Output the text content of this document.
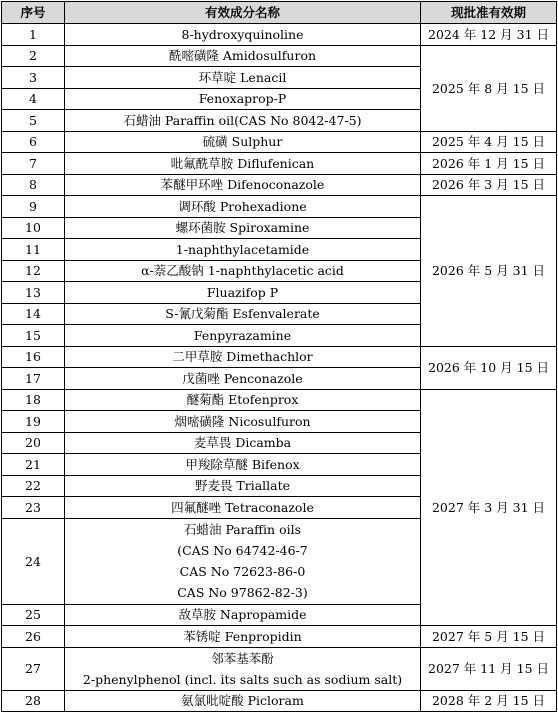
序号	有效成分名称	现批准有效期
1	8-hydroxyquinoline	2024 年 12 月 31 日
2	酰嘧磺隆 Amidosulfuron	2025 年 8 月 15 日
3	环草啶 Lenacil	
4	Fenoxaprop-P	
5	石蜡油 Paraffin oil(CAS No 8042-47-5)	
6	硫磺 Sulphur	2025 年 4 月 15 日
7	吡氟酰草胺 Diflufenican	2026 年 1 月 15 日
8	苯醚甲环唑 Difenoconazole	2026 年 3 月 15 日
9	调环酸 Prohexadione	2026 年 5 月 31 日
10	螺环菌胺 Spiroxamine	
11	1-naphthylacetamide	
12	α-萘乙酸钠 1-naphthylacetic acid	
13	Fluazifop P	
14	S-氰戊菊酯 Esfenvalerate	
15	Fenpyrazamine	
16	二甲草胺 Dimethachlor	2026 年 10 月 15 日
17	戊菌唑 Penconazole	
18	醚菊酯 Etofenprox	2027 年 3 月 31 日
19	烟嘧磺隆 Nicosulfuron	
20	麦草畏 Dicamba	
21	甲羧除草醚 Bifenox	
22	野麦畏 Triallate	
23	四氟醚唑 Tetraconazole	
24	石蜡油 Paraffin oils
(CAS No 64742-46-7
CAS No 72623-86-0
CAS No 97862-82-3)	

25	敌草胺 Napropamide	
26	苯锈啶 Fenpropidin	2027 年 5 月 15 日
27	邻苯基苯酚
2-phenylphenol (incl. its salts such as sodium salt)	2027 年 11 月 15 日
28	氨氯吡啶酸 Picloram	2028 年 2 月 15 日
